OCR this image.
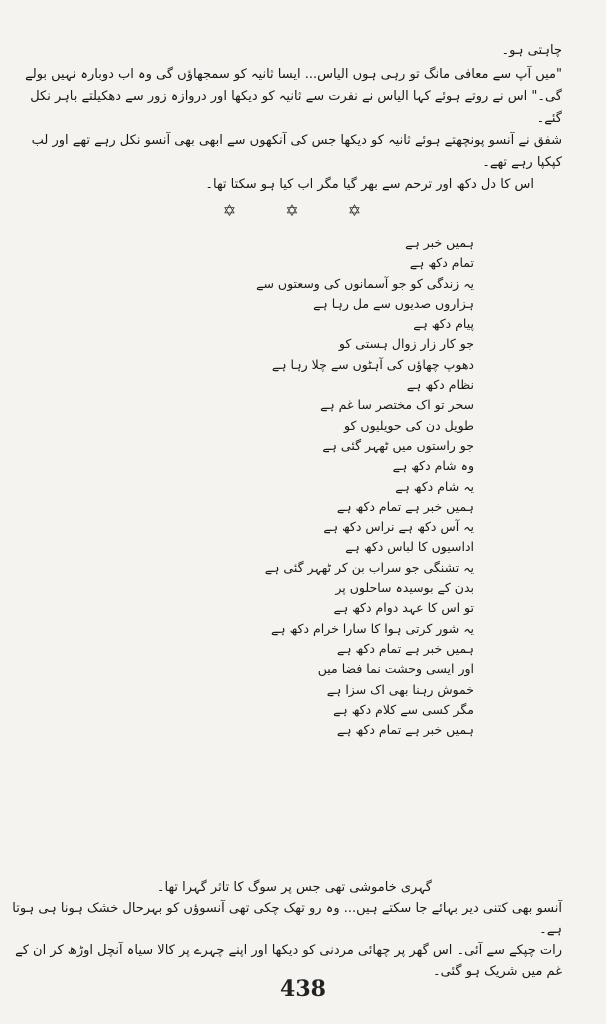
چاہتی ہو۔

"میں آپ سے معافی مانگ تو رہی ہوں الیاس... ایسا ثانیہ کو سمجھاؤں گی وہ اب دوبارہ نہیں بولے گی۔" اس نے روتے ہوئے کہا الیاس نے نفرت سے ثانیہ کو دیکھا اور دروازہ زور سے دھکیلتے باہر نکل گئے۔

شفق نے آنسو پونچھتے ہوئے ثانیہ کو دیکھا جس کی آنکھوں سے ابھی بھی آنسو نکل رہے تھے اور لب کپکپا رہے تھے۔

اس کا دل دکھ اور ترحم سے بھر گیا مگر اب کیا ہو سکتا تھا۔

✡ ✡ ✡
ہمیں خبر ہے
تمام دکھ ہے
یہ زندگی کو جو آسمانوں کی وسعتوں سے
ہزاروں صدیوں سے مل رہا ہے
پیام دکھ ہے
جو کار زار زوال ہستی کو
دھوپ چھاؤں کی آہٹوں سے چلا رہا ہے
نظام دکھ ہے
سحر تو اک مختصر سا غم ہے
طویل دن کی حویلیوں کو
جو راستوں میں ٹھہر گئی ہے
وہ شام دکھ ہے
یہ شام دکھ ہے
ہمیں خبر ہے تمام دکھ ہے
یہ آس دکھ ہے نراس دکھ ہے
اداسیوں کا لباس دکھ ہے
یہ تشنگی جو سراب بن کر ٹھہر گئی ہے
بدن کے بوسیدہ ساحلوں پر
تو اس کا عہد دوام دکھ ہے
یہ شور کرتی ہوا کا سارا خرام دکھ ہے
ہمیں خبر ہے تمام دکھ ہے
اور ایسی وحشت نما فضا میں
خموش رہنا بھی اک سزا ہے
مگر کسی سے کلام دکھ ہے
ہمیں خبر ہے تمام دکھ ہے

گہری خاموشی تھی جس پر سوگ کا تاثر گہرا تھا۔

آنسو بھی کتنی دیر بہائے جا سکتے ہیں... وہ رو تھک چکی تھی آنسوؤں کو بہرحال خشک ہونا ہی ہوتا ہے۔

رات چپکے سے آئی۔ اس گھر پر چھائی مردنی کو دیکھا اور اپنے چہرے پر کالا سیاہ آنچل اوڑھ کر ان کے غم میں شریک ہو گئی۔

438
